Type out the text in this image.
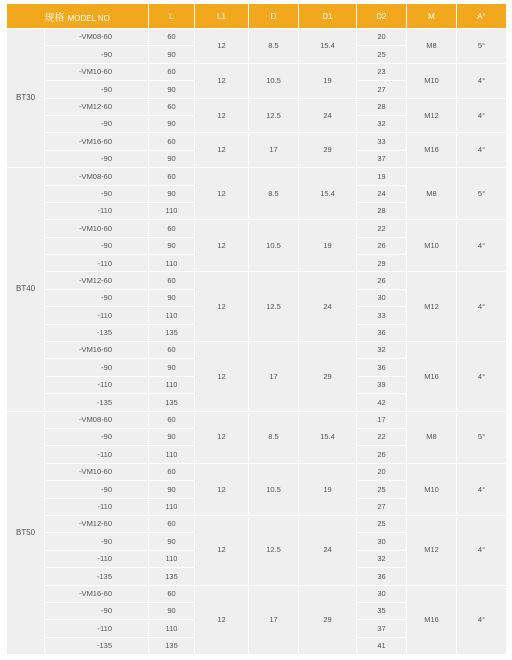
规格 MODEL NO		L	L1	D	D1	D2	M	A°
BT30	-VM08-60	60	12	8.5	15.4	20	M8	5°
	-90	90				25		
	-VM10-60	60	12	10.5	19	23	M10	4°
	-90	90				27		
	-VM12-60	60	12	12.5	24	28	M12	4°
	-90	90				32		
	-VM16-60	60	12	17	29	33	M16	4°
	-90	90				37		
BT40	-VM08-60	60	12	8.5	15.4	19	M8	5°
	-90	90				24		
	-110	110				28		
	-VM10-60	60	12	10.5	19	22	M10	4°
	-90	90				26		
	-110	110				29		
	-VM12-60	60	12	12.5	24	26	M12	4°
	-90	90				30		
	-110	110				33		
	-135	135				36		
	-VM16-60	60	12	17	29	32	M16	4°
	-90	90				36		
	-110	110				39		
	-135	135				42		
BT50	-VM08-60	60	12	8.5	15.4	17	M8	5°
	-90	90				22		
	-110	110				26		
	-VM10-60	60	12	10.5	19	20	M10	4°
	-90	90				25		
	-110	110				27		
	-VM12-60	60	12	12.5	24	25	M12	4°
	-90	90				30		
	-110	110				32		
	-135	135				36		
	-VM16-60	60	12	17	29	30	M16	4°
	-90	90				35		
	-110	110				37		
	-135	135				41		
